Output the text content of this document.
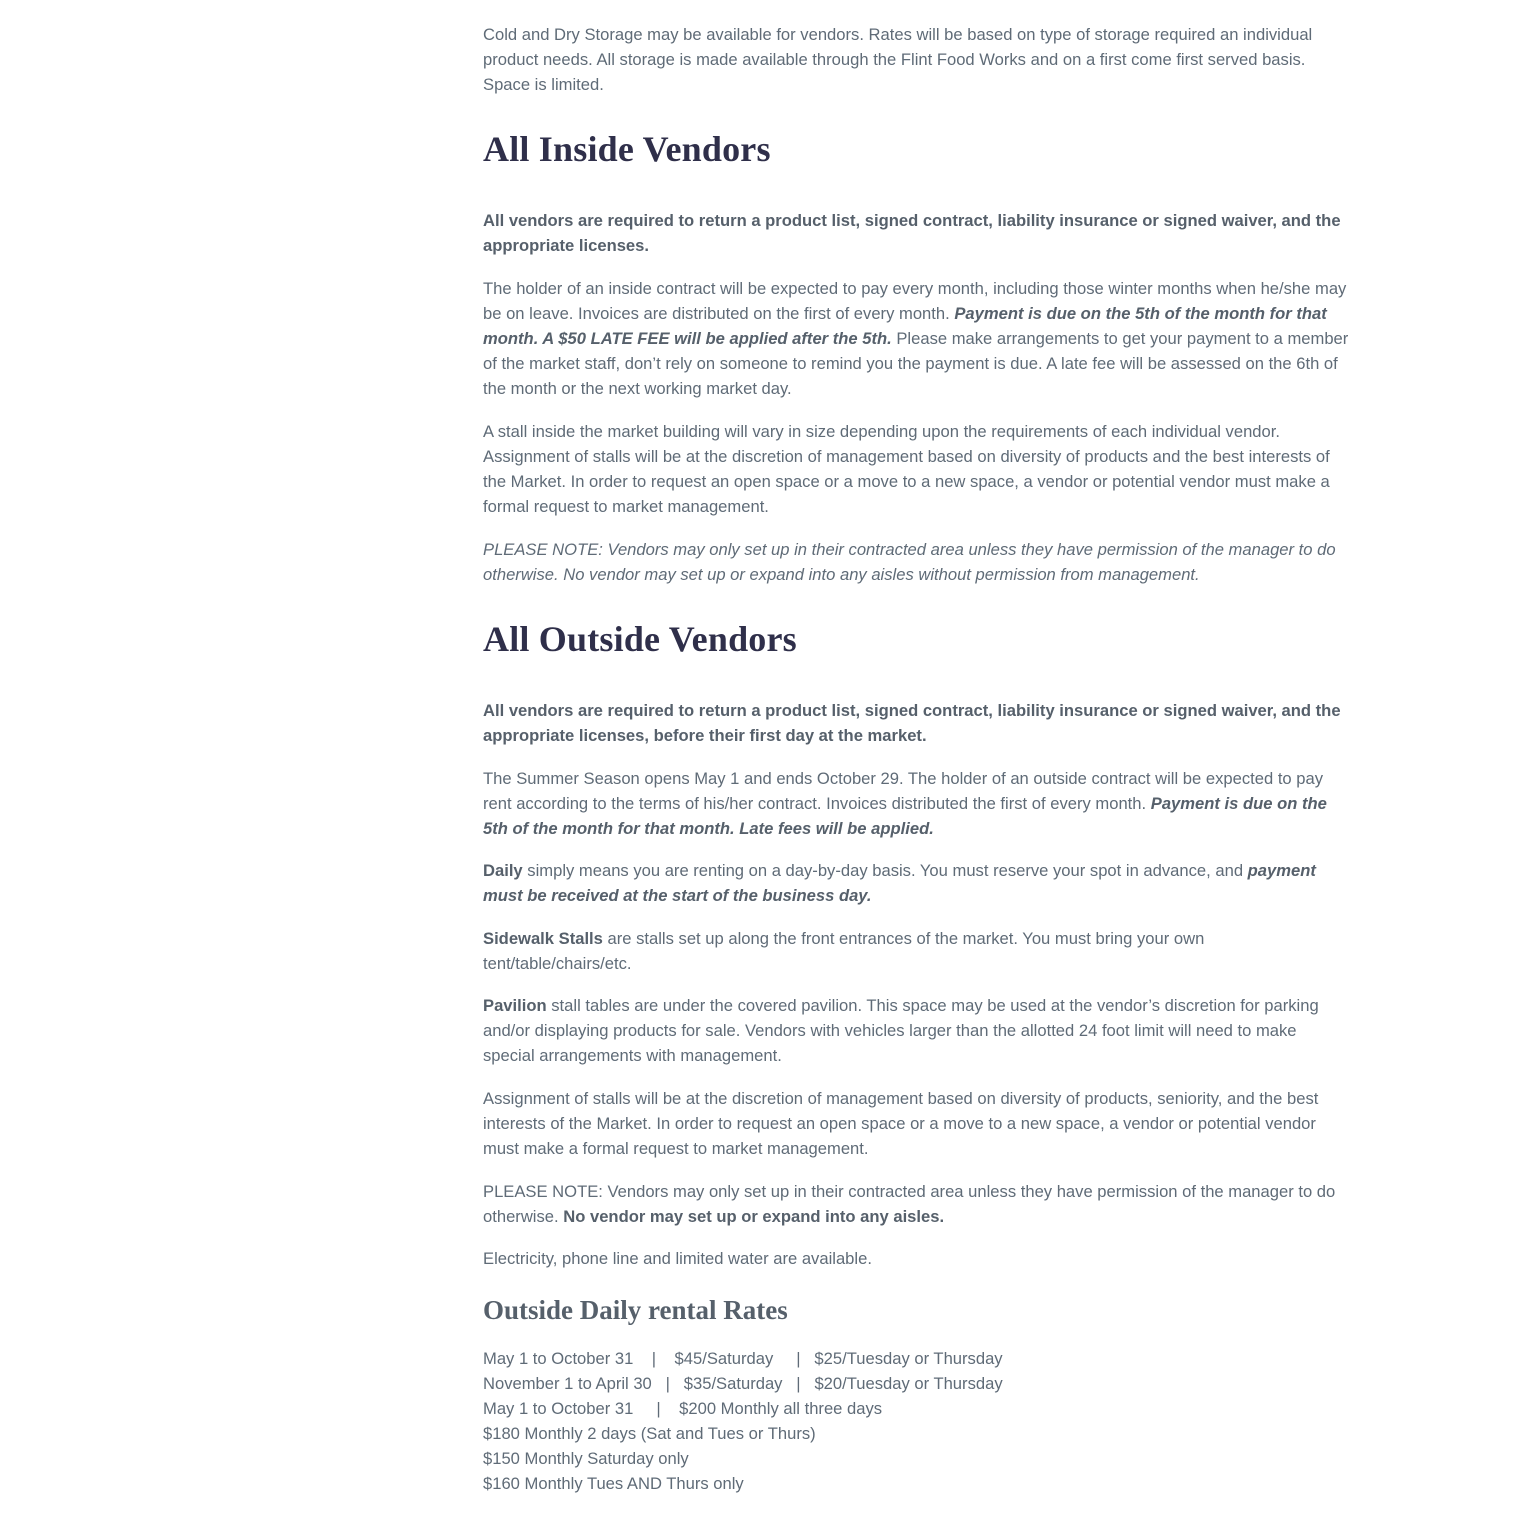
Cold and Dry Storage may be available for vendors. Rates will be based on type of storage required an individual product needs. All storage is made available through the Flint Food Works and on a first come first served basis. Space is limited.

All Inside Vendors

All vendors are required to return a product list, signed contract, liability insurance or signed waiver, and the appropriate licenses.

The holder of an inside contract will be expected to pay every month, including those winter months when he/she may be on leave. Invoices are distributed on the first of every month. Payment is due on the 5th of the month for that month. A $50 LATE FEE will be applied after the 5th. Please make arrangements to get your payment to a member of the market staff, don’t rely on someone to remind you the payment is due. A late fee will be assessed on the 6th of the month or the next working market day.

A stall inside the market building will vary in size depending upon the requirements of each individual vendor. Assignment of stalls will be at the discretion of management based on diversity of products and the best interests of the Market. In order to request an open space or a move to a new space, a vendor or potential vendor must make a formal request to market management.

PLEASE NOTE: Vendors may only set up in their contracted area unless they have permission of the manager to do otherwise. No vendor may set up or expand into any aisles without permission from management.

All Outside Vendors

All vendors are required to return a product list, signed contract, liability insurance or signed waiver, and the appropriate licenses, before their first day at the market.

The Summer Season opens May 1 and ends October 29. The holder of an outside contract will be expected to pay rent according to the terms of his/her contract. Invoices distributed the first of every month. Payment is due on the 5th of the month for that month. Late fees will be applied.

Daily simply means you are renting on a day-by-day basis. You must reserve your spot in advance, and payment must be received at the start of the business day.

Sidewalk Stalls are stalls set up along the front entrances of the market. You must bring your own tent/table/chairs/etc.

Pavilion stall tables are under the covered pavilion. This space may be used at the vendor’s discretion for parking and/or displaying products for sale. Vendors with vehicles larger than the allotted 24 foot limit will need to make special arrangements with management.

Assignment of stalls will be at the discretion of management based on diversity of products, seniority, and the best interests of the Market. In order to request an open space or a move to a new space, a vendor or potential vendor must make a formal request to market management.

PLEASE NOTE: Vendors may only set up in their contracted area unless they have permission of the manager to do otherwise. No vendor may set up or expand into any aisles.

Electricity, phone line and limited water are available.

Outside Daily rental Rates

May 1 to October 31    |    $45/Saturday     |   $25/Tuesday or Thursday

November 1 to April 30   |   $35/Saturday   |   $20/Tuesday or Thursday

May 1 to October 31     |    $200 Monthly all three days

$180 Monthly 2 days (Sat and Tues or Thurs)

$150 Monthly Saturday only

$160 Monthly Tues AND Thurs only
